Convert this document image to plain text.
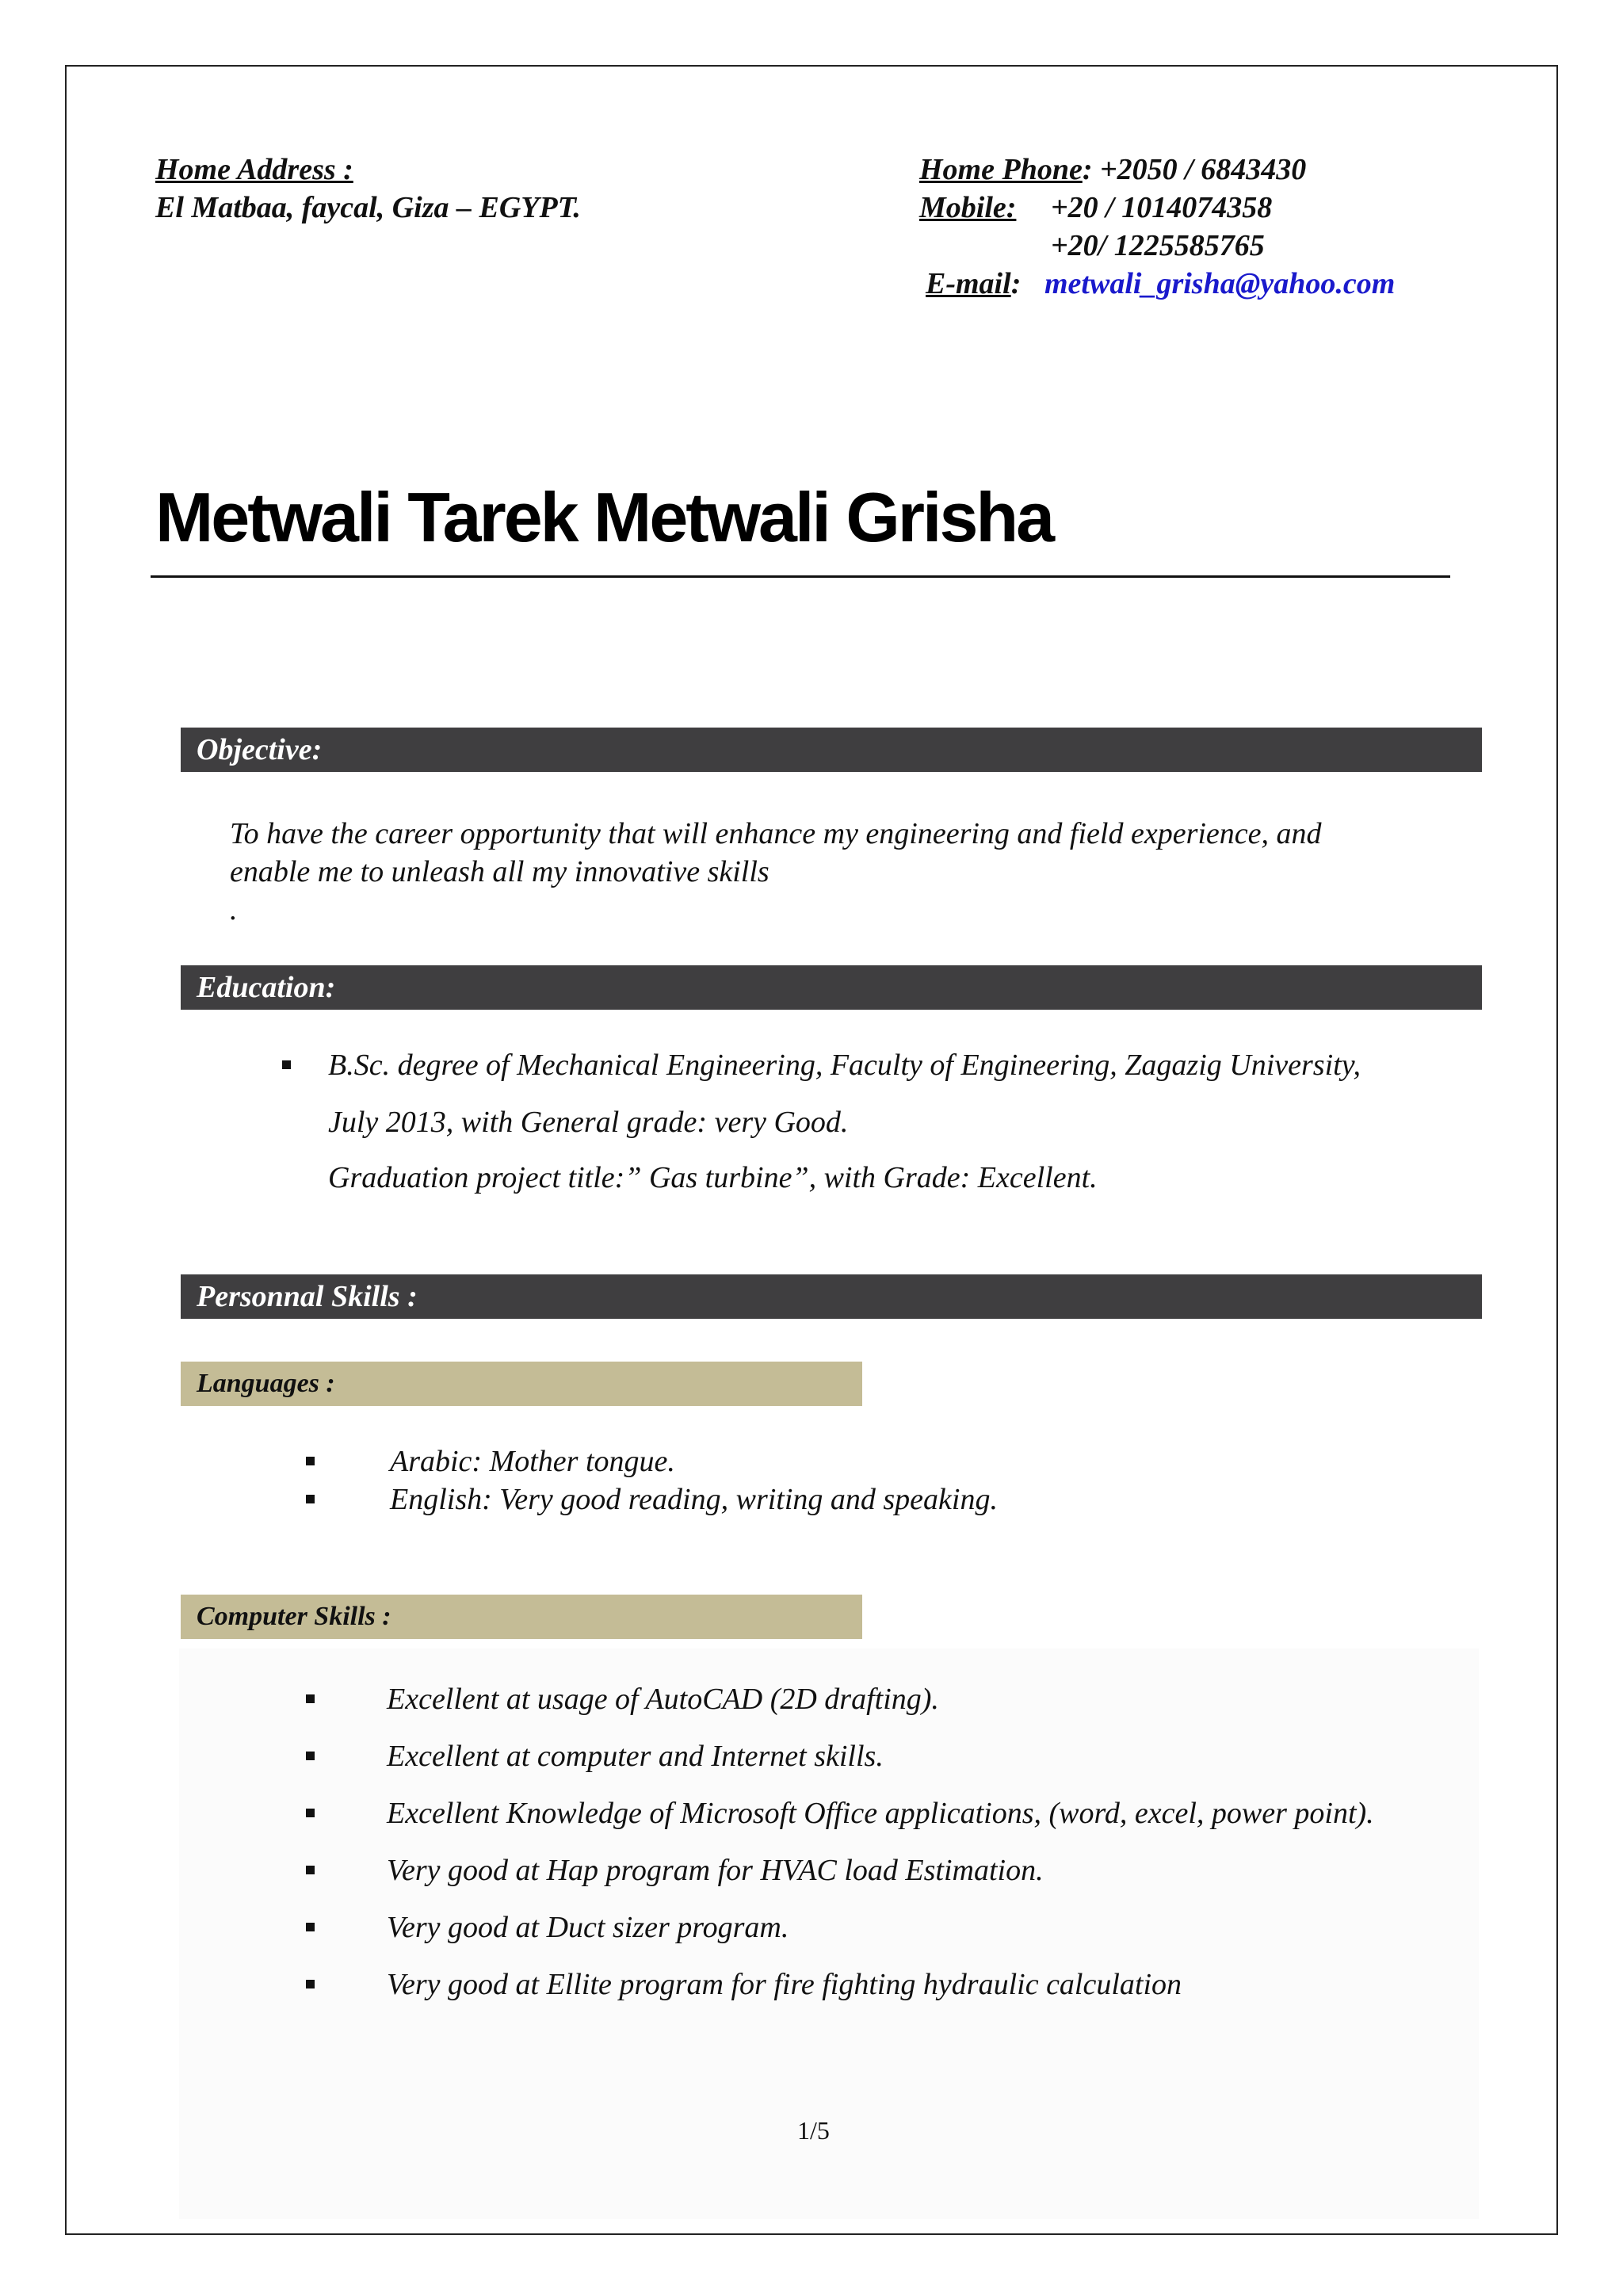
Home Address :
El Matbaa, faycal, Giza – EGYPT.
Home Phone: +2050 / 6843430
Mobile: +20 / 1014074358
+20/ 1225585765
E-mail: metwali_grisha@yahoo.com
Metwali Tarek Metwali Grisha
Objective:
To have the career opportunity that will enhance my engineering and field experience, and
enable me to unleash all my innovative skills
.
Education:
B.Sc. degree of Mechanical Engineering, Faculty of Engineering, Zagazig University,
July 2013, with General grade: very Good.
Graduation project title:” Gas turbine”, with Grade: Excellent.
Personnal Skills :
Languages :
Arabic: Mother tongue.
English: Very good reading, writing and speaking.
Computer Skills :
Excellent at usage of AutoCAD (2D drafting).
Excellent at computer and Internet skills.
Excellent Knowledge of Microsoft Office applications, (word, excel, power point).
Very good at Hap program for HVAC load Estimation.
Very good at Duct sizer program.
Very good at Ellite program for fire fighting hydraulic calculation
1/5
